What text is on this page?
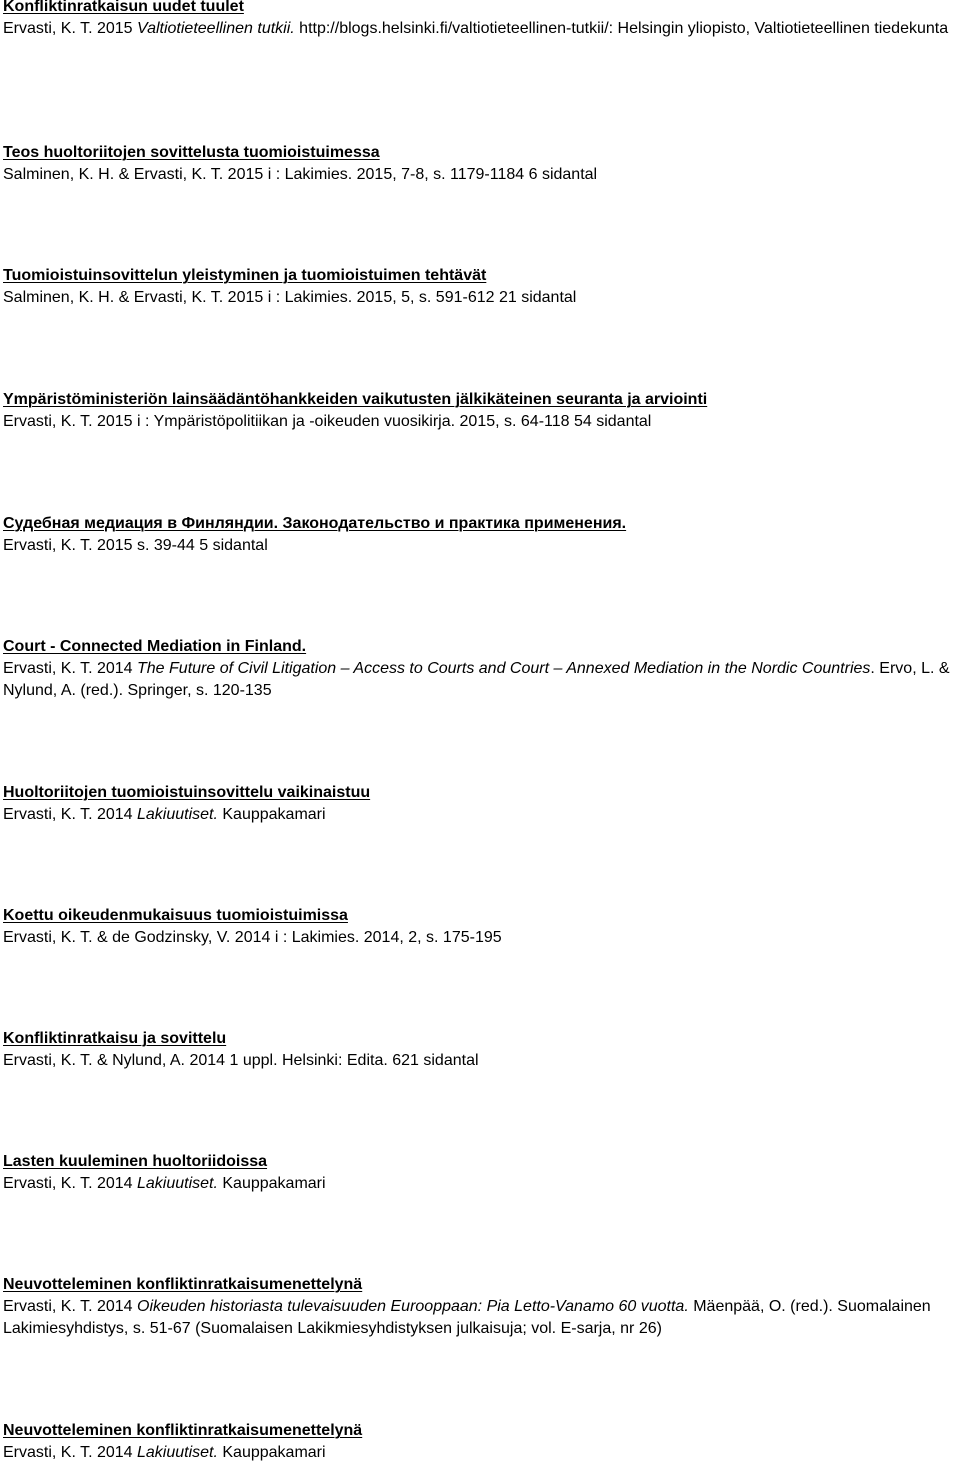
Konfliktinratkaisun uudet tuulet
Ervasti, K. T. 2015 Valtiotieteellinen tutkii. http://blogs.helsinki.fi/valtiotieteellinen-tutkii/: Helsingin yliopisto, Valtiotieteellinen tiedekunta
Teos huoltoriitojen sovittelusta tuomioistuimessa
Salminen, K. H. & Ervasti, K. T. 2015 i : Lakimies. 2015, 7-8, s. 1179-1184 6 sidantal
Tuomioistuinsovittelun yleistyminen ja tuomioistuimen tehtävät
Salminen, K. H. & Ervasti, K. T. 2015 i : Lakimies. 2015, 5, s. 591-612 21 sidantal
Ympäristöministeriön lainsäädäntöhankkeiden vaikutusten jälkikäteinen seuranta ja arviointi
Ervasti, K. T. 2015 i : Ympäristöpolitiikan ja -oikeuden vuosikirja. 2015, s. 64-118 54 sidantal
Судебная медиация в Финляндии. Законодательство и практика применения.
Ervasti, K. T. 2015 s. 39-44 5 sidantal
Court - Connected Mediation in Finland.
Ervasti, K. T. 2014 The Future of Civil Litigation – Access to Courts and Court – Annexed Mediation in the Nordic Countries. Ervo, L. & Nylund, A. (red.). Springer, s. 120-135
Huoltoriitojen tuomioistuinsovittelu vaikinaistuu
Ervasti, K. T. 2014 Lakiuutiset. Kauppakamari
Koettu oikeudenmukaisuus tuomioistuimissa
Ervasti, K. T. & de Godzinsky, V. 2014 i : Lakimies. 2014, 2, s. 175-195
Konfliktinratkaisu ja sovittelu
Ervasti, K. T. & Nylund, A. 2014 1 uppl. Helsinki: Edita. 621 sidantal
Lasten kuuleminen huoltoriidoissa
Ervasti, K. T. 2014 Lakiuutiset. Kauppakamari
Neuvotteleminen konfliktinratkaisumenettelynä
Ervasti, K. T. 2014 Oikeuden historiasta tulevaisuuden Eurooppaan: Pia Letto-Vanamo 60 vuotta. Mäenpää, O. (red.). Suomalainen Lakimiesyhdistys, s. 51-67 (Suomalaisen Lakikmiesyhdistyksen julkaisuja; vol. E-sarja, nr 26)
Neuvotteleminen konfliktinratkaisumenettelynä
Ervasti, K. T. 2014 Lakiuutiset. Kauppakamari
